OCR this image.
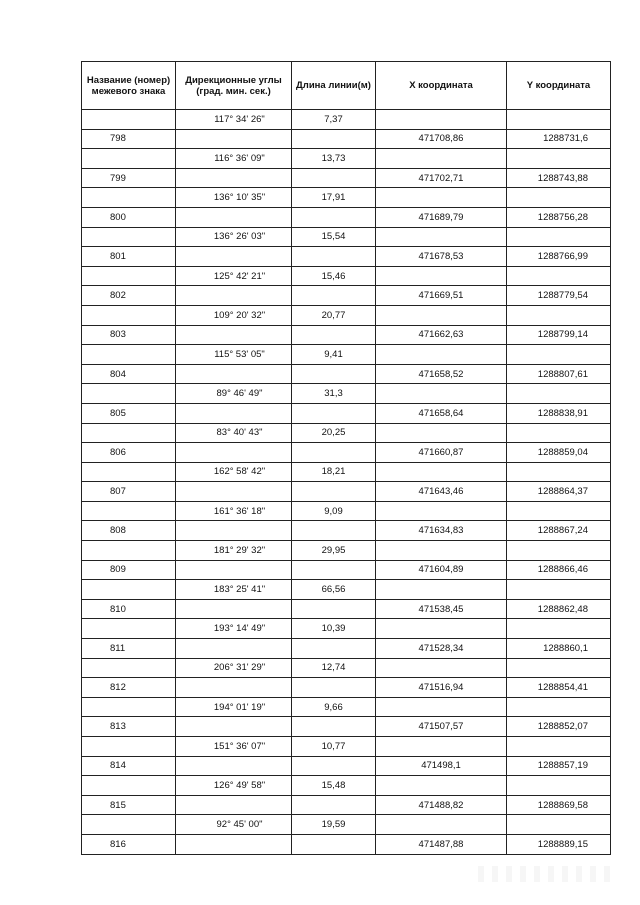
Название (номер) межевого знака	Дирекционные углы (град. мин. сек.)	Длина линии(м)	X координата	Y координата
	117° 34' 26"	7,37		
798			471708,86	1288731,6
	116° 36' 09"	13,73		
799			471702,71	1288743,88
	136° 10' 35"	17,91		
800			471689,79	1288756,28
	136° 26' 03"	15,54		
801			471678,53	1288766,99
	125° 42' 21"	15,46		
802			471669,51	1288779,54
	109° 20' 32"	20,77		
803			471662,63	1288799,14
	115° 53' 05"	9,41		
804			471658,52	1288807,61
	89° 46' 49"	31,3		
805			471658,64	1288838,91
	83° 40' 43"	20,25		
806			471660,87	1288859,04
	162° 58' 42"	18,21		
807			471643,46	1288864,37
	161° 36' 18"	9,09		
808			471634,83	1288867,24
	181° 29' 32"	29,95		
809			471604,89	1288866,46
	183° 25' 41"	66,56		
810			471538,45	1288862,48
	193° 14' 49"	10,39		
811			471528,34	1288860,1
	206° 31' 29"	12,74		
812			471516,94	1288854,41
	194° 01' 19"	9,66		
813			471507,57	1288852,07
	151° 36' 07"	10,77		
814			471498,1	1288857,19
	126° 49' 58"	15,48		
815			471488,82	1288869,58
	92° 45' 00"	19,59		
816			471487,88	1288889,15
